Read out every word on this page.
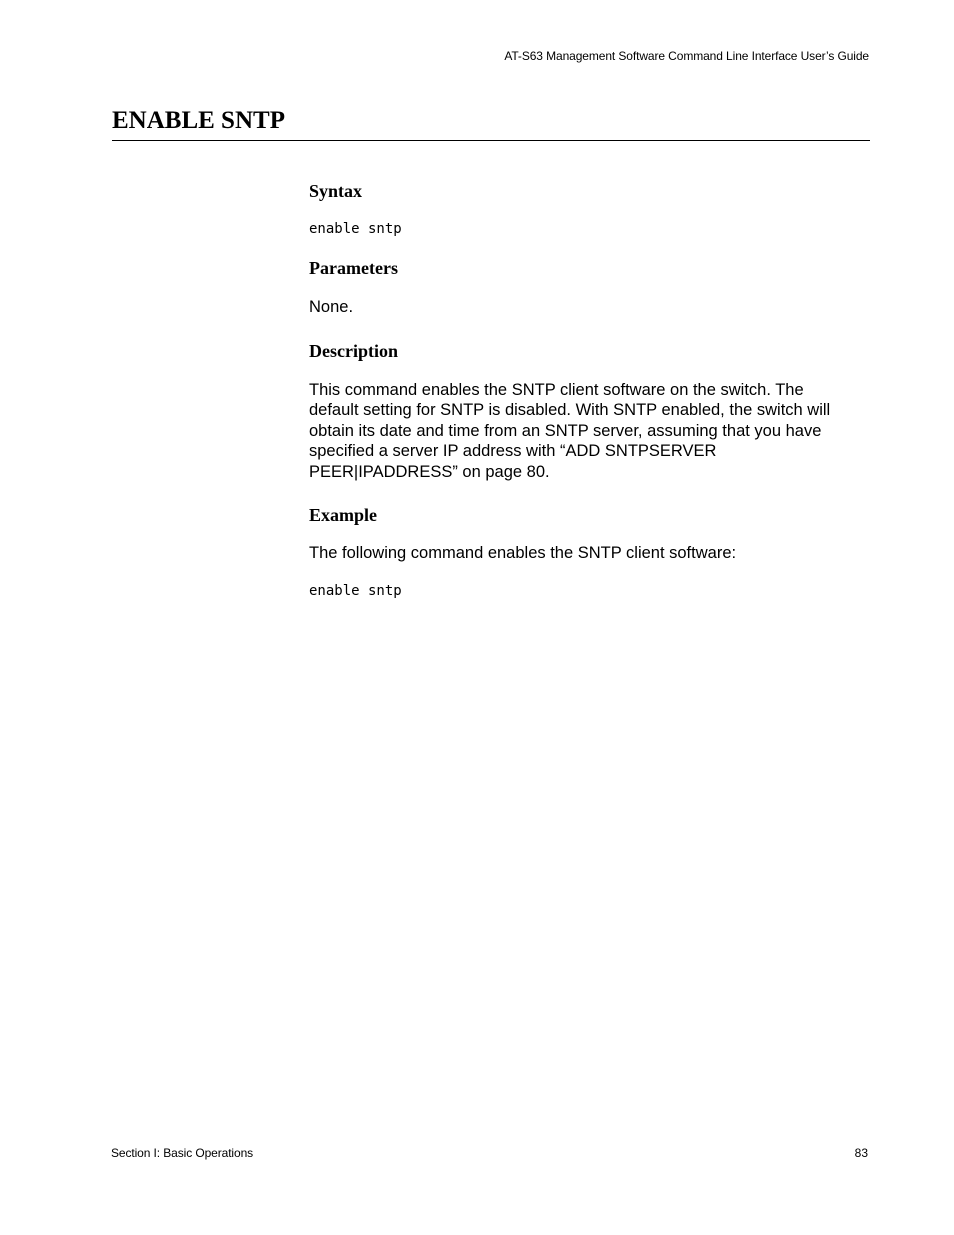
AT-S63 Management Software Command Line Interface User’s Guide
ENABLE SNTP
Syntax
enable sntp
Parameters

None.

Description

This command enables the SNTP client software on the switch. The default setting for SNTP is disabled. With SNTP enabled, the switch will obtain its date and time from an SNTP server, assuming that you have specified a server IP address with “ADD SNTPSERVER PEER|IPADDRESS” on page 80.

Example

The following command enables the SNTP client software:

enable sntp
Section I: Basic Operations	83
